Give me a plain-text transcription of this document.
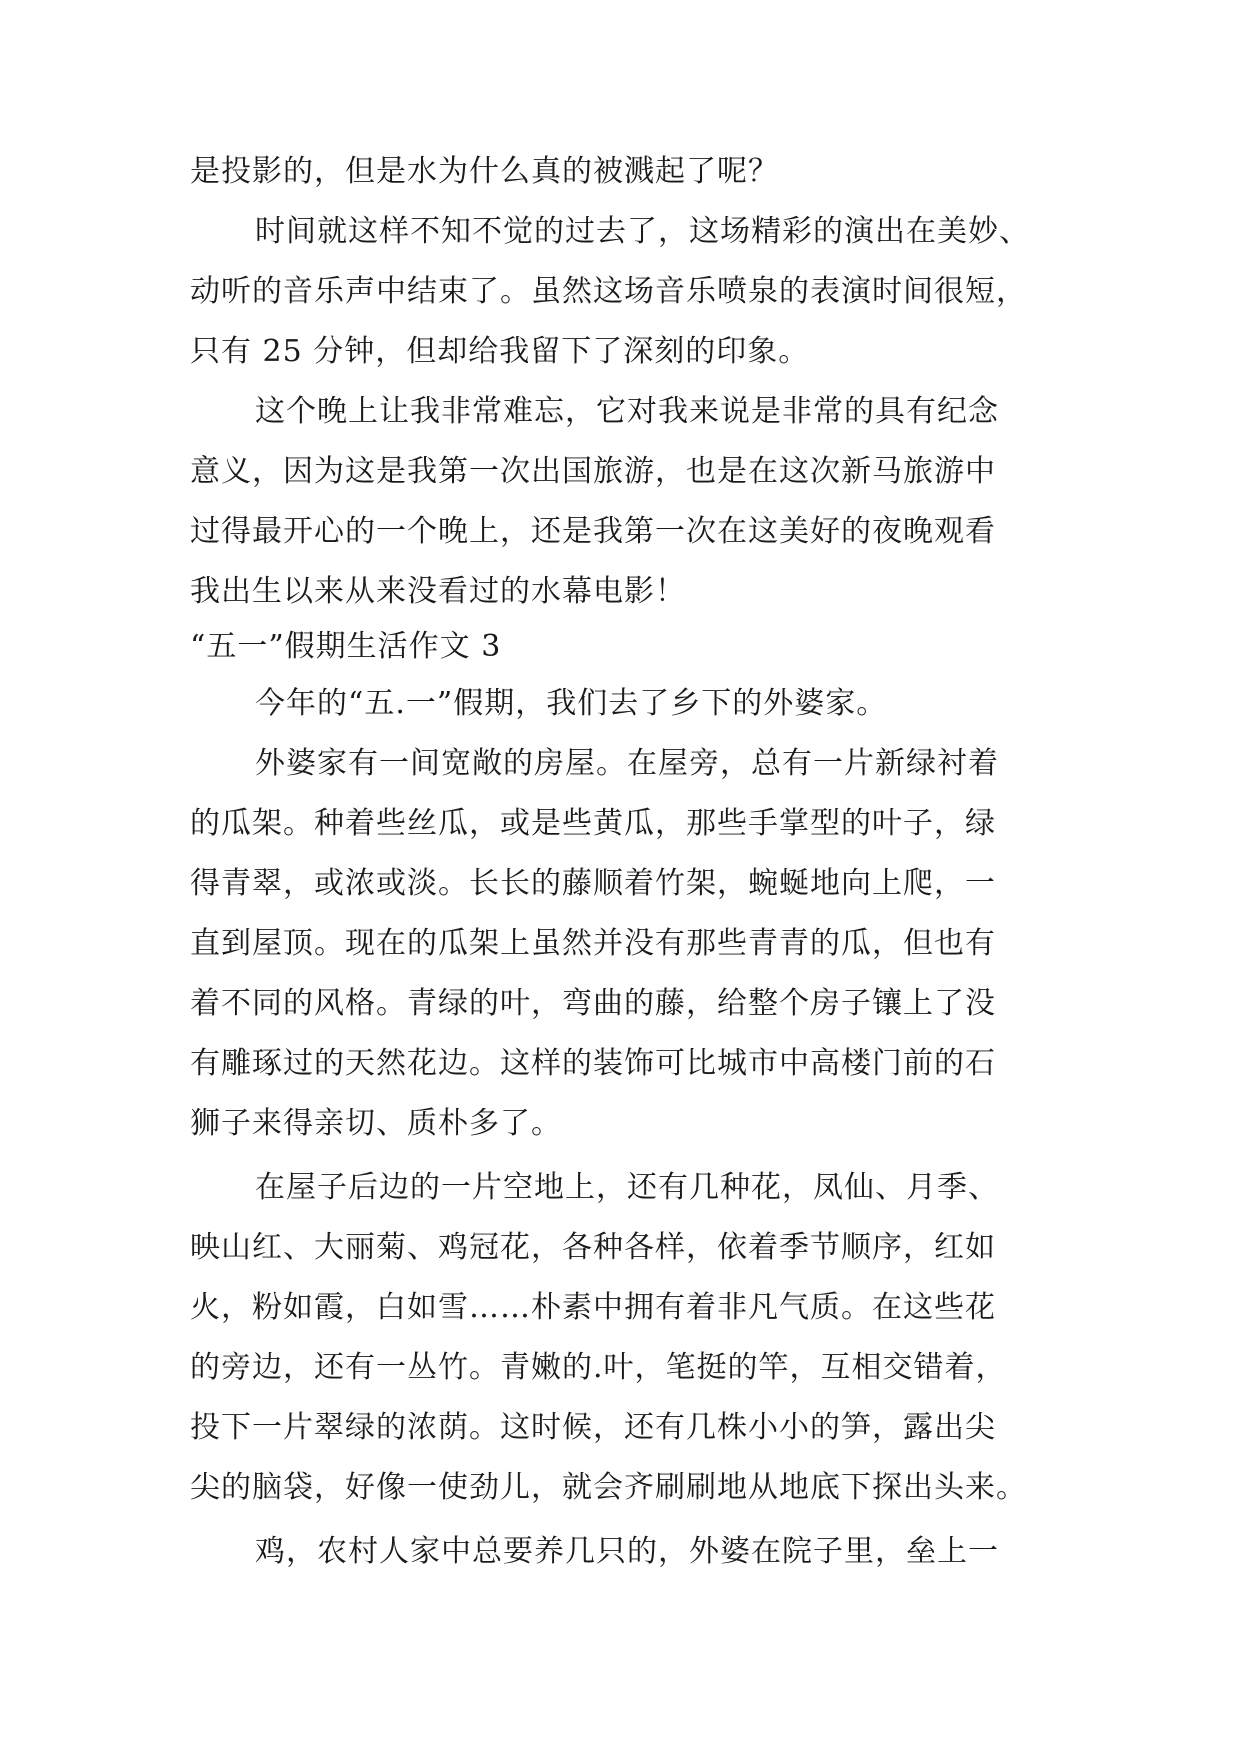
是投影的，但是水为什么真的被溅起了呢？
时间就这样不知不觉的过去了，这场精彩的演出在美妙、
动听的音乐声中结束了。虽然这场音乐喷泉的表演时间很短，
只有 25 分钟，但却给我留下了深刻的印象。
这个晚上让我非常难忘，它对我来说是非常的具有纪念
意义，因为这是我第一次出国旅游，也是在这次新马旅游中
过得最开心的一个晚上，还是我第一次在这美好的夜晚观看
我出生以来从来没看过的水幕电影！
“五一”假期生活作文 3
今年的“五.一”假期，我们去了乡下的外婆家。
外婆家有一间宽敞的房屋。在屋旁，总有一片新绿衬着
的瓜架。种着些丝瓜，或是些黄瓜，那些手掌型的叶子，绿
得青翠，或浓或淡。长长的藤顺着竹架，蜿蜒地向上爬，一
直到屋顶。现在的瓜架上虽然并没有那些青青的瓜，但也有
着不同的风格。青绿的叶，弯曲的藤，给整个房子镶上了没
有雕琢过的天然花边。这样的装饰可比城市中高楼门前的石
狮子来得亲切、质朴多了。
在屋子后边的一片空地上，还有几种花，凤仙、月季、
映山红、大丽菊、鸡冠花，各种各样，依着季节顺序，红如
火，粉如霞，白如雪……朴素中拥有着非凡气质。在这些花
的旁边，还有一丛竹。青嫩的.叶，笔挺的竿，互相交错着，
投下一片翠绿的浓荫。这时候，还有几株小小的笋，露出尖
尖的脑袋，好像一使劲儿，就会齐刷刷地从地底下探出头来。
鸡，农村人家中总要养几只的，外婆在院子里，垒上一
